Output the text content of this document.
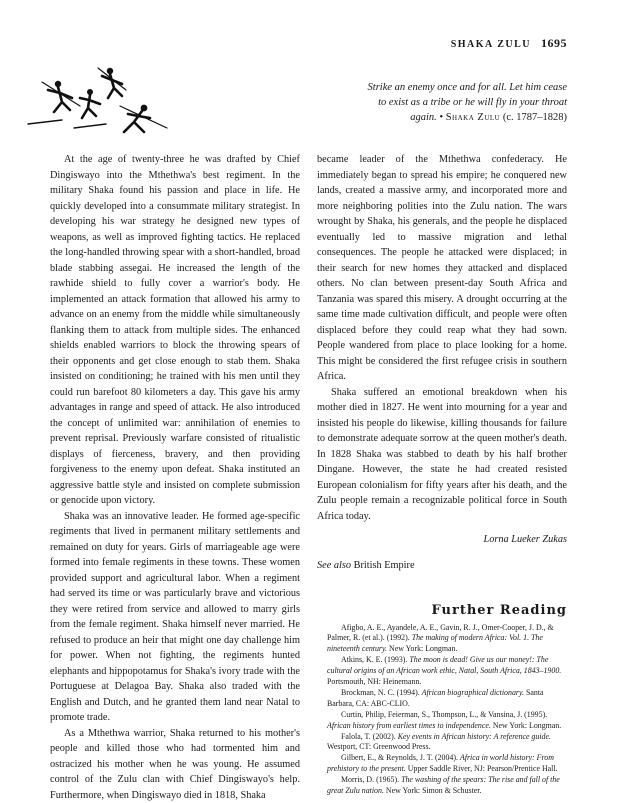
SHAKA ZULU 1695
Strike an enemy once and for all. Let him cease
to exist as a tribe or he will fly in your throat
again. • Shaka Zulu (c. 1787–1828)

At the age of twenty-three he was drafted by Chief Dingiswayo into the Mthethwa's best regiment. In the military Shaka found his passion and place in life. He quickly developed into a consummate military strategist. In developing his war strategy he designed new types of weapons, as well as improved fighting tactics. He replaced the long-handled throwing spear with a short-handled, broad blade stabbing assegai. He increased the length of the rawhide shield to fully cover a warrior's body. He implemented an attack formation that allowed his army to advance on an enemy from the middle while simultaneously flanking them to attack from multiple sides. The enhanced shields enabled warriors to block the throwing spears of their opponents and get close enough to stab them. Shaka insisted on conditioning; he trained with his men until they could run barefoot 80 kilometers a day. This gave his army advantages in range and speed of attack. He also introduced the concept of unlimited war: annihilation of enemies to prevent reprisal. Previously warfare consisted of ritualistic displays of fierceness, bravery, and then providing forgiveness to the enemy upon defeat. Shaka instituted an aggressive battle style and insisted on complete submission or genocide upon victory.

Shaka was an innovative leader. He formed age-specific regiments that lived in permanent military settlements and remained on duty for years. Girls of marriageable age were formed into female regiments in these towns. These women provided support and agricultural labor. When a regiment had served its time or was particularly brave and victorious they were retired from service and allowed to marry girls from the female regiment. Shaka himself never married. He refused to produce an heir that might one day challenge him for power. When not fighting, the regiments hunted elephants and hippopotamus for Shaka's ivory trade with the Portuguese at Delagoa Bay. Shaka also traded with the English and Dutch, and he granted them land near Natal to promote trade.

As a Mthethwa warrior, Shaka returned to his mother's people and killed those who had tormented him and ostracized his mother when he was young. He assumed control of the Zulu clan with Chief Dingiswayo's help. Furthermore, when Dingiswayo died in 1818, Shaka

became leader of the Mthethwa confederacy. He immediately began to spread his empire; he conquered new lands, created a massive army, and incorporated more and more neighboring polities into the Zulu nation. The wars wrought by Shaka, his generals, and the people he displaced eventually led to massive migration and lethal consequences. The people he attacked were displaced; in their search for new homes they attacked and displaced others. No clan between present-day South Africa and Tanzania was spared this misery. A drought occurring at the same time made cultivation difficult, and people were often displaced before they could reap what they had sown. People wandered from place to place looking for a home. This might be considered the first refugee crisis in southern Africa.

Shaka suffered an emotional breakdown when his mother died in 1827. He went into mourning for a year and insisted his people do likewise, killing thousands for failure to demonstrate adequate sorrow at the queen mother's death. In 1828 Shaka was stabbed to death by his half brother Dingane. However, the state he had created resisted European colonialism for fifty years after his death, and the Zulu people remain a recognizable political force in South Africa today.

Lorna Lueker Zukas
See also British Empire
Further Reading

Afigbo, A. E., Ayandele, A. E., Gavin, R. J., Omer-Cooper, J. D., & Palmer, R. (et al.). (1992). The making of modern Africa: Vol. 1. The nineteenth century. New York: Longman.

Atkins, K. E. (1993). The moon is dead! Give us our money!: The cultural origins of an African work ethic, Natal, South Africa, 1843–1900. Portsmouth, NH: Heinemann.

Brockman, N. C. (1994). African biographical dictionary. Santa Barbara, CA: ABC-CLIO.

Curtin, Philip, Feierman, S., Thompson, L., & Vansina, J. (1995). African history from earliest times to independence. New York: Longman.

Falola, T. (2002). Key events in African history: A reference guide. Westport, CT: Greenwood Press.

Gilbert, E., & Reynolds, J. T. (2004). Africa in world history: From prehistory to the present. Upper Saddle River, NJ: Pearson/Prentice Hall.

Morris, D. (1965). The washing of the spears: The rise and fall of the great Zulu nation. New York: Simon & Schuster.
